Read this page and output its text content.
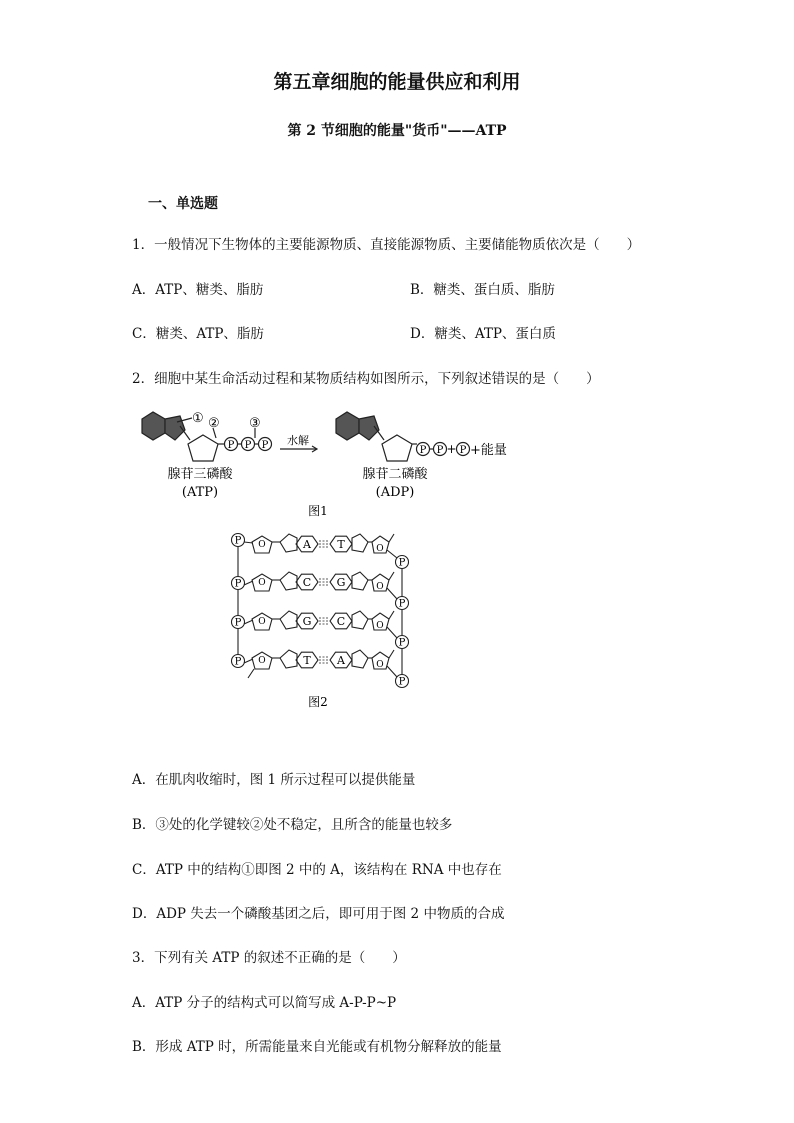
第五章细胞的能量供应和利用
第 2 节细胞的能量"货币"——ATP
一、单选题
1．一般情况下生物体的主要能源物质、直接能源物质、主要储能物质依次是（　　）
A．ATP、糖类、脂肪	B．糖类、蛋白质、脂肪
C．糖类、ATP、脂肪	D．糖类、ATP、蛋白质
2．细胞中某生命活动过程和某物质结构如图所示，下列叙述错误的是（　　）
① ② ③
P P P 水解
P P + P +能量
腺苷三磷酸
(ATP)
腺苷二磷酸
(ADP)
图1
P
P
P
P
P
P
P
P
O	A T	O
O	C G	O
O	G C	O
O	T A	O
图2
A．在肌肉收缩时，图 1 所示过程可以提供能量
B．③处的化学键较②处不稳定，且所含的能量也较多
C．ATP 中的结构①即图 2 中的 A，该结构在 RNA 中也存在
D．ADP 失去一个磷酸基团之后，即可用于图 2 中物质的合成
3．下列有关 ATP 的叙述不正确的是（　　）
A．ATP 分子的结构式可以简写成 A-P-P~P
B．形成 ATP 时，所需能量来自光能或有机物分解释放的能量
